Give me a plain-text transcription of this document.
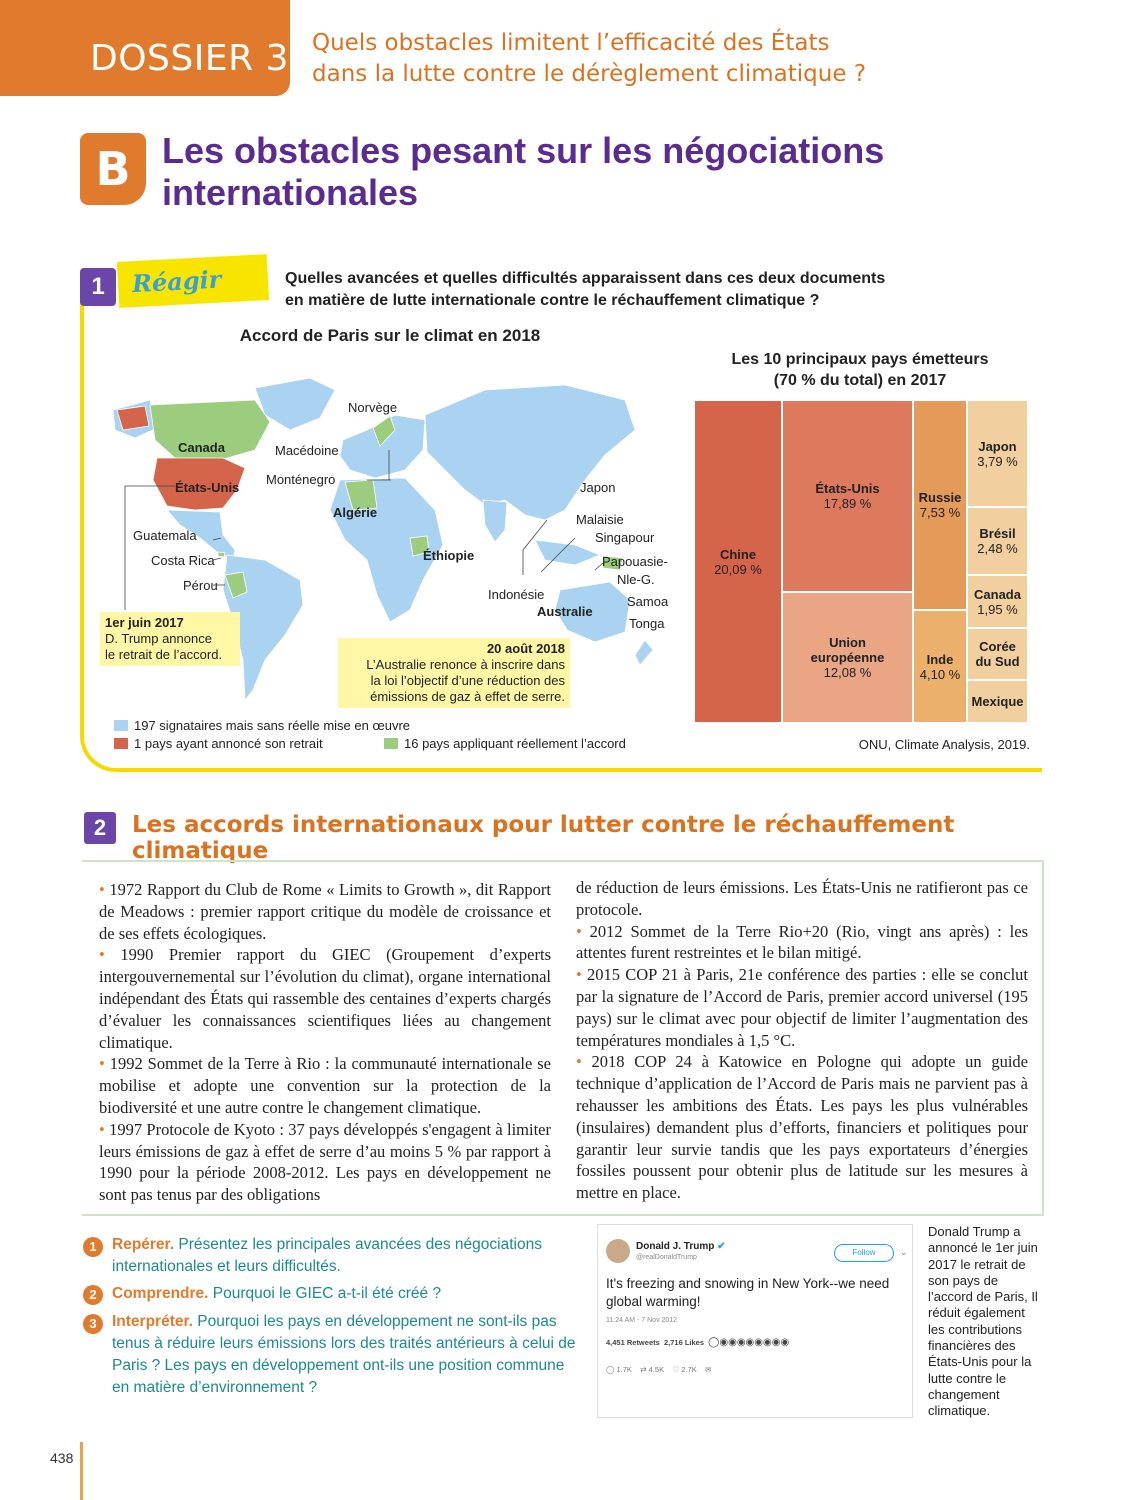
DOSSIER 3 Quels obstacles limitent l’efficacité des États
dans la lutte contre le dérèglement climatique ?
B Les obstacles pesant sur les négociations
internationales
1	Réagir	Quelles avancées et quelles difficultés apparaissent dans ces deux documents
en matière de lutte internationale contre le réchauffement climatique ?
Accord de Paris sur le climat en 2018
Norvège
Canada	Macédoine
Monténegro
États-Unis
Algérie
Japon
Malaisie
Singapour
Guatemala
Costa Rica
Pérou
Éthiopie	Papouasie-
Nle-G.
Indonésie
Australie
Samoa
Tonga
1er juin 2017
D. Trump annonce
le retrait de l’accord.	20 août 2018
L’Australie renonce à inscrire dans
la loi l’objectif d’une réduction des
émissions de gaz à effet de serre.
197 signataires mais sans réelle mise en œuvre
1 pays ayant annoncé son retrait	16 pays appliquant réellement l’accord
Les 10 principaux pays émetteurs
(70 % du total) en 2017
Chine
20,09 %
États-Unis
17,89 %
Union européenne
12,08 %
Russie
7,53 %
Inde
4,10 %
Japon
3,79 %
Brésil
2,48 %
Canada
1,95 %
Corée du Sud
Mexique
ONU, Climate Analysis, 2019.
2	Les accords internationaux pour lutter contre le réchauffement climatique
• 1972 Rapport du Club de Rome « Limits to Growth », dit Rapport de Meadows : premier rapport critique du modèle de croissance et de ses effets écologiques.
• 1990 Premier rapport du GIEC (Groupement d’experts intergouvernemental sur l’évolution du climat), organe international indépendant des États qui rassemble des centaines d’experts chargés d’évaluer les connaissances scientifiques liées au changement climatique.
• 1992 Sommet de la Terre à Rio : la communauté internationale se mobilise et adopte une convention sur la protection de la biodiversité et une autre contre le changement climatique.
• 1997 Protocole de Kyoto : 37 pays développés s'engagent à limiter leurs émissions de gaz à effet de serre d’au moins 5 % par rapport à 1990 pour la période 2008-2012. Les pays en développement ne sont pas tenus par des obligations
de réduction de leurs émissions. Les États-Unis ne ratifieront pas ce protocole.
• 2012 Sommet de la Terre Rio+20 (Rio, vingt ans après) : les attentes furent restreintes et le bilan mitigé.
• 2015 COP 21 à Paris, 21e conférence des parties : elle se conclut par la signature de l’Accord de Paris, premier accord universel (195 pays) sur le climat avec pour objectif de limiter l’augmentation des températures mondiales à 1,5 °C.
• 2018 COP 24 à Katowice en Pologne qui adopte un guide technique d’application de l’Accord de Paris mais ne parvient pas à rehausser les ambitions des États. Les pays les plus vulnérables (insulaires) demandent plus d’efforts, financiers et politiques pour garantir leur survie tandis que les pays exportateurs d’énergies fossiles poussent pour obtenir plus de latitude sur les mesures à mettre en place.
1 Repérer. Présentez les principales avancées des négociations internationales et leurs difficultés.
2 Comprendre. Pourquoi le GIEC a-t-il été créé ?
3 Interpréter. Pourquoi les pays en développement ne sont-ils pas tenus à réduire leurs émissions lors des traités antérieurs à celui de Paris ? Les pays en développement ont-ils une position commune en matière d’environnement ?
Donald J. Trump ✔
@realDonaldTrump
Follow	⌄
It's freezing and snowing in New York--we need global warming!
11:24 AM - 7 Nov 2012
4,451 Retweets 2,716 Likes ◯◉◉◉◉◉◉◉◉
◯ 1.7K ⇄ 4.5K ♡ 2.7K ✉
Donald Trump a annoncé le 1er juin 2017 le retrait de son pays de l’accord de Paris, Il réduit également les contributions financières des États-Unis pour la lutte contre le changement climatique.
438
